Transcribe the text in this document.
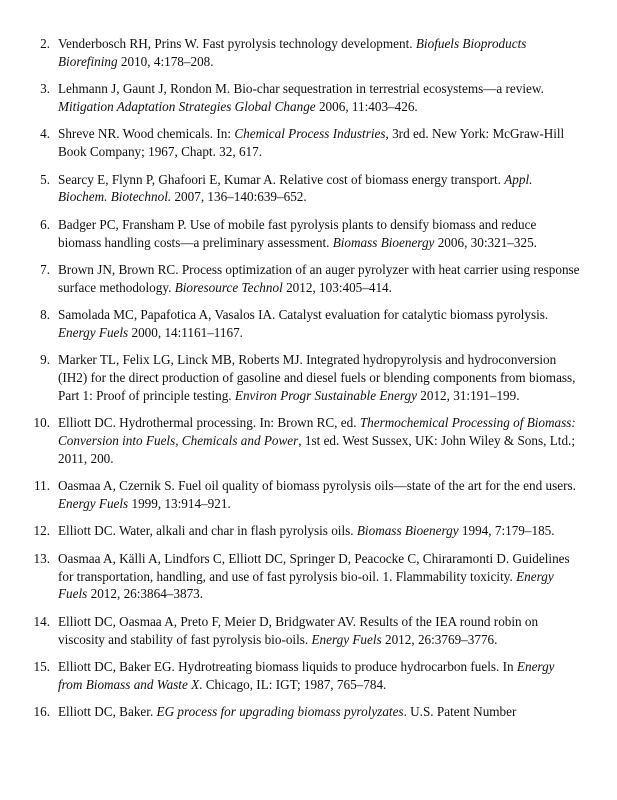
2. Venderbosch RH, Prins W. Fast pyrolysis technology development. Biofuels Bioproducts Biorefining 2010, 4:178–208.
3. Lehmann J, Gaunt J, Rondon M. Bio-char sequestration in terrestrial ecosystems—a review. Mitigation Adaptation Strategies Global Change 2006, 11:403–426.
4. Shreve NR. Wood chemicals. In: Chemical Process Industries, 3rd ed. New York: McGraw-Hill Book Company; 1967, Chapt. 32, 617.
5. Searcy E, Flynn P, Ghafoori E, Kumar A. Relative cost of biomass energy transport. Appl. Biochem. Biotechnol. 2007, 136–140:639–652.
6. Badger PC, Fransham P. Use of mobile fast pyrolysis plants to densify biomass and reduce biomass handling costs—a preliminary assessment. Biomass Bioenergy 2006, 30:321–325.
7. Brown JN, Brown RC. Process optimization of an auger pyrolyzer with heat carrier using response surface methodology. Bioresource Technol 2012, 103:405–414.
8. Samolada MC, Papafotica A, Vasalos IA. Catalyst evaluation for catalytic biomass pyrolysis. Energy Fuels 2000, 14:1161–1167.
9. Marker TL, Felix LG, Linck MB, Roberts MJ. Integrated hydropyrolysis and hydroconversion (IH2) for the direct production of gasoline and diesel fuels or blending components from biomass, Part 1: Proof of principle testing. Environ Progr Sustainable Energy 2012, 31:191–199.
10. Elliott DC. Hydrothermal processing. In: Brown RC, ed. Thermochemical Processing of Biomass: Conversion into Fuels, Chemicals and Power, 1st ed. West Sussex, UK: John Wiley & Sons, Ltd.; 2011, 200.
11. Oasmaa A, Czernik S. Fuel oil quality of biomass pyrolysis oils—state of the art for the end users. Energy Fuels 1999, 13:914–921.
12. Elliott DC. Water, alkali and char in flash pyrolysis oils. Biomass Bioenergy 1994, 7:179–185.
13. Oasmaa A, Källi A, Lindfors C, Elliott DC, Springer D, Peacocke C, Chiraramonti D. Guidelines for transportation, handling, and use of fast pyrolysis bio-oil. 1. Flammability toxicity. Energy Fuels 2012, 26:3864–3873.
14. Elliott DC, Oasmaa A, Preto F, Meier D, Bridgwater AV. Results of the IEA round robin on viscosity and stability of fast pyrolysis bio-oils. Energy Fuels 2012, 26:3769–3776.
15. Elliott DC, Baker EG. Hydrotreating biomass liquids to produce hydrocarbon fuels. In Energy from Biomass and Waste X. Chicago, IL: IGT; 1987, 765–784.
16. Elliott DC, Baker. EG process for upgrading biomass pyrolyzates. U.S. Patent Number
